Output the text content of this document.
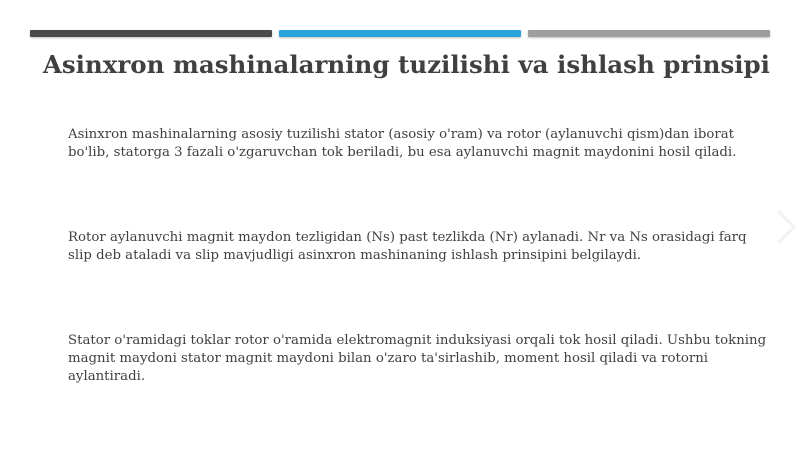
Asinxron mashinalarning tuzilishi va ishlash prinsipi

Asinxron mashinalarning asosiy tuzilishi stator (asosiy o'ram) va rotor (aylanuvchi qism)dan iborat bo'lib, statorga 3 fazali o'zgaruvchan tok beriladi, bu esa aylanuvchi magnit maydonini hosil qiladi.

Rotor aylanuvchi magnit maydon tezligidan (Ns) past tezlikda (Nr) aylanadi. Nr va Ns orasidagi farq slip deb ataladi va slip mavjudligi asinxron mashinaning ishlash prinsipini belgilaydi.

Stator o'ramidagi toklar rotor o'ramida elektromagnit induksiyasi orqali tok hosil qiladi. Ushbu tokning magnit maydoni stator magnit maydoni bilan o'zaro ta'sirlashib, moment hosil qiladi va rotorni aylantiradi.
